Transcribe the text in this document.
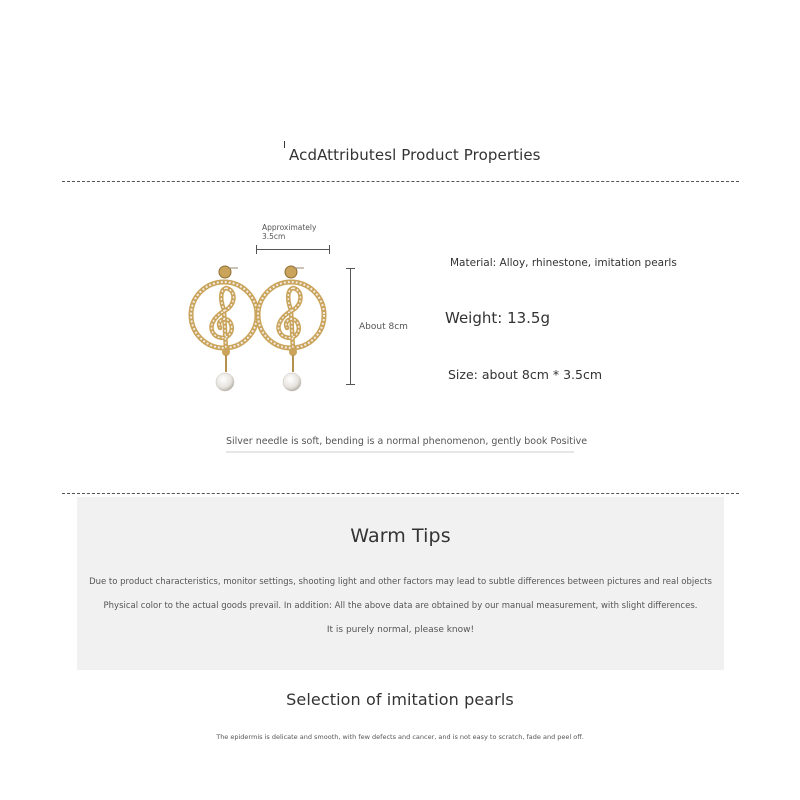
AcdAttributesl Product Properties
Approximately 3.5cm
About 8cm
Material: Alloy, rhinestone, imitation pearls
Weight: 13.5g
Size: about 8cm * 3.5cm
Silver needle is soft, bending is a normal phenomenon, gently book Positive
Warm Tips
Due to product characteristics, monitor settings, shooting light and other factors may lead to subtle differences between pictures and real objects
Physical color to the actual goods prevail. In addition: All the above data are obtained by our manual measurement, with slight differences.
It is purely normal, please know!
Selection of imitation pearls
The epidermis is delicate and smooth, with few defects and cancer, and is not easy to scratch, fade and peel off.
